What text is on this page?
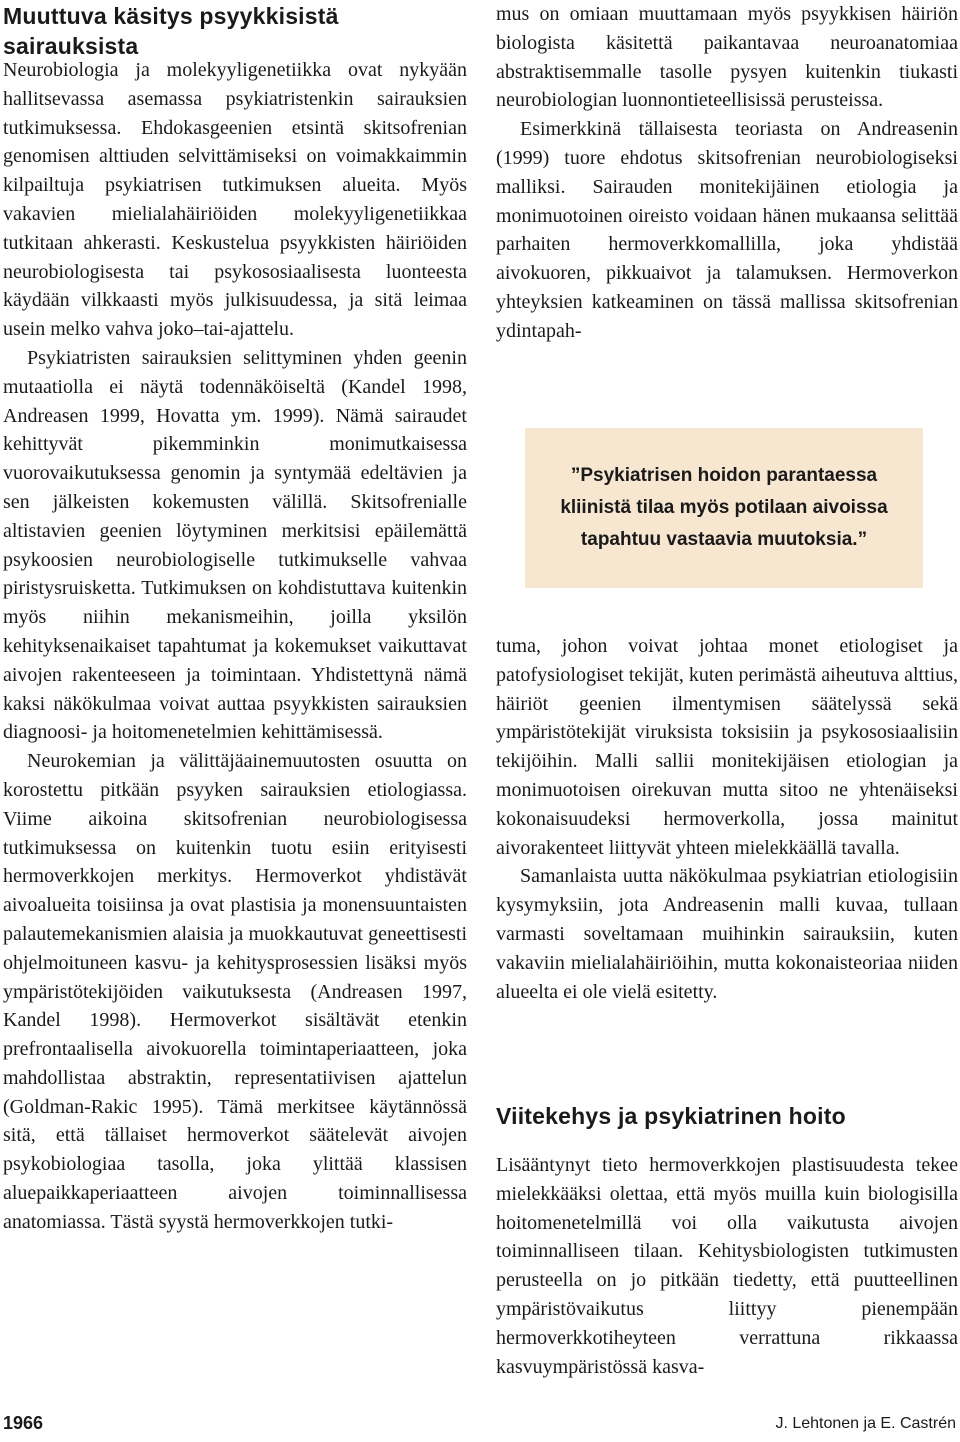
Muuttuva käsitys psyykkisistä sairauksista

Neurobiologia ja molekyyligenetiikka ovat nykyään hallitsevassa asemassa psykiatristenkin sairauksien tutkimuksessa. Ehdokasgeenien etsintä skitsofrenian genomisen alttiuden selvittämiseksi on voimakkaimmin kilpailtuja psykiatrisen tutkimuksen alueita. Myös vakavien mielialahäiriöiden molekyyligenetiikkaa tutkitaan ahkerasti. Keskustelua psyykkisten häiriöiden neurobiologisesta tai psykososiaalisesta luonteesta käydään vilkkaasti myös julkisuudessa, ja sitä leimaa usein melko vahva joko–tai-ajattelu.

Psykiatristen sairauksien selittyminen yhden geenin mutaatiolla ei näytä todennäköiseltä (Kandel 1998, Andreasen 1999, Hovatta ym. 1999). Nämä sairaudet kehittyvät pikemminkin monimutkaisessa vuorovaikutuksessa genomin ja syntymää edeltävien ja sen jälkeisten kokemusten välillä. Skitsofrenialle altistavien geenien löytyminen merkitsisi epäilemättä psykoosien neurobiologiselle tutkimukselle vahvaa piristysruisketta. Tutkimuksen on kohdistuttava kuitenkin myös niihin mekanismeihin, joilla yksilön kehityksenaikaiset tapahtumat ja kokemukset vaikuttavat aivojen rakenteeseen ja toimintaan. Yhdistettynä nämä kaksi näkökulmaa voivat auttaa psyykkisten sairauksien diagnoosi- ja hoitomenetelmien kehittämisessä.

Neurokemian ja välittäjäainemuutosten osuutta on korostettu pitkään psyyken sairauksien etiologiassa. Viime aikoina skitsofrenian neurobiologisessa tutkimuksessa on kuitenkin tuotu esiin erityisesti hermoverkkojen merkitys. Hermoverkot yhdistävät aivoalueita toisiinsa ja ovat plastisia ja monensuuntaisten palautemekanismien alaisia ja muokkautuvat geneettisesti ohjelmoituneen kasvu- ja kehitysprosessien lisäksi myös ympäristötekijöiden vaikutuksesta (Andreasen 1997, Kandel 1998). Hermoverkot sisältävät etenkin prefrontaalisella aivokuorella toimintaperiaatteen, joka mahdollistaa abstraktin, representatiivisen ajattelun (Goldman-Rakic 1995). Tämä merkitsee käytännössä sitä, että tällaiset hermoverkot säätelevät aivojen psykobiologiaa tasolla, joka ylittää klassisen aluepaikkaperiaatteen aivojen toiminnallisessa anatomiassa. Tästä syystä hermoverkkojen tutki-

mus on omiaan muuttamaan myös psyykkisen häiriön biologista käsitettä paikantavaa neuroanatomiaa abstraktisemmalle tasolle pysyen kuitenkin tiukasti neurobiologian luonnontieteellisissä perusteissa.

Esimerkkinä tällaisesta teoriasta on Andreasenin (1999) tuore ehdotus skitsofrenian neurobiologiseksi malliksi. Sairauden monitekijäinen etiologia ja monimuotoinen oireisto voidaan hänen mukaansa selittää parhaiten hermoverkkomallilla, joka yhdistää aivokuoren, pikkuaivot ja talamuksen. Hermoverkon yhteyksien katkeaminen on tässä mallissa skitsofrenian ydintapah-

”Psykiatrisen hoidon parantaessa kliinistä tilaa myös potilaan aivoissa tapahtuu vastaavia muutoksia.”

tuma, johon voivat johtaa monet etiologiset ja patofysiologiset tekijät, kuten perimästä aiheutuva alttius, häiriöt geenien ilmentymisen säätelyssä sekä ympäristötekijät viruksista toksisiin ja psykososiaalisiin tekijöihin. Malli sallii monitekijäisen etiologian ja monimuotoisen oirekuvan mutta sitoo ne yhtenäiseksi kokonaisuudeksi hermoverkolla, jossa mainitut aivorakenteet liittyvät yhteen mielekkäällä tavalla.

Samanlaista uutta näkökulmaa psykiatrian etiologisiin kysymyksiin, jota Andreasenin malli kuvaa, tullaan varmasti soveltamaan muihinkin sairauksiin, kuten vakaviin mielialahäiriöihin, mutta kokonaisteoriaa niiden alueelta ei ole vielä esitetty.

Viitekehys ja psykiatrinen hoito

Lisääntynyt tieto hermoverkkojen plastisuudesta tekee mielekkääksi olettaa, että myös muilla kuin biologisilla hoitomenetelmillä voi olla vaikutusta aivojen toiminnalliseen tilaan. Kehitysbiologisten tutkimusten perusteella on jo pitkään tiedetty, että puutteellinen ympäristövaikutus liittyy pienempään hermoverkkotiheyteen verrattuna rikkaassa kasvuympäristössä kasva-

1966	J. Lehtonen ja E. Castrén
